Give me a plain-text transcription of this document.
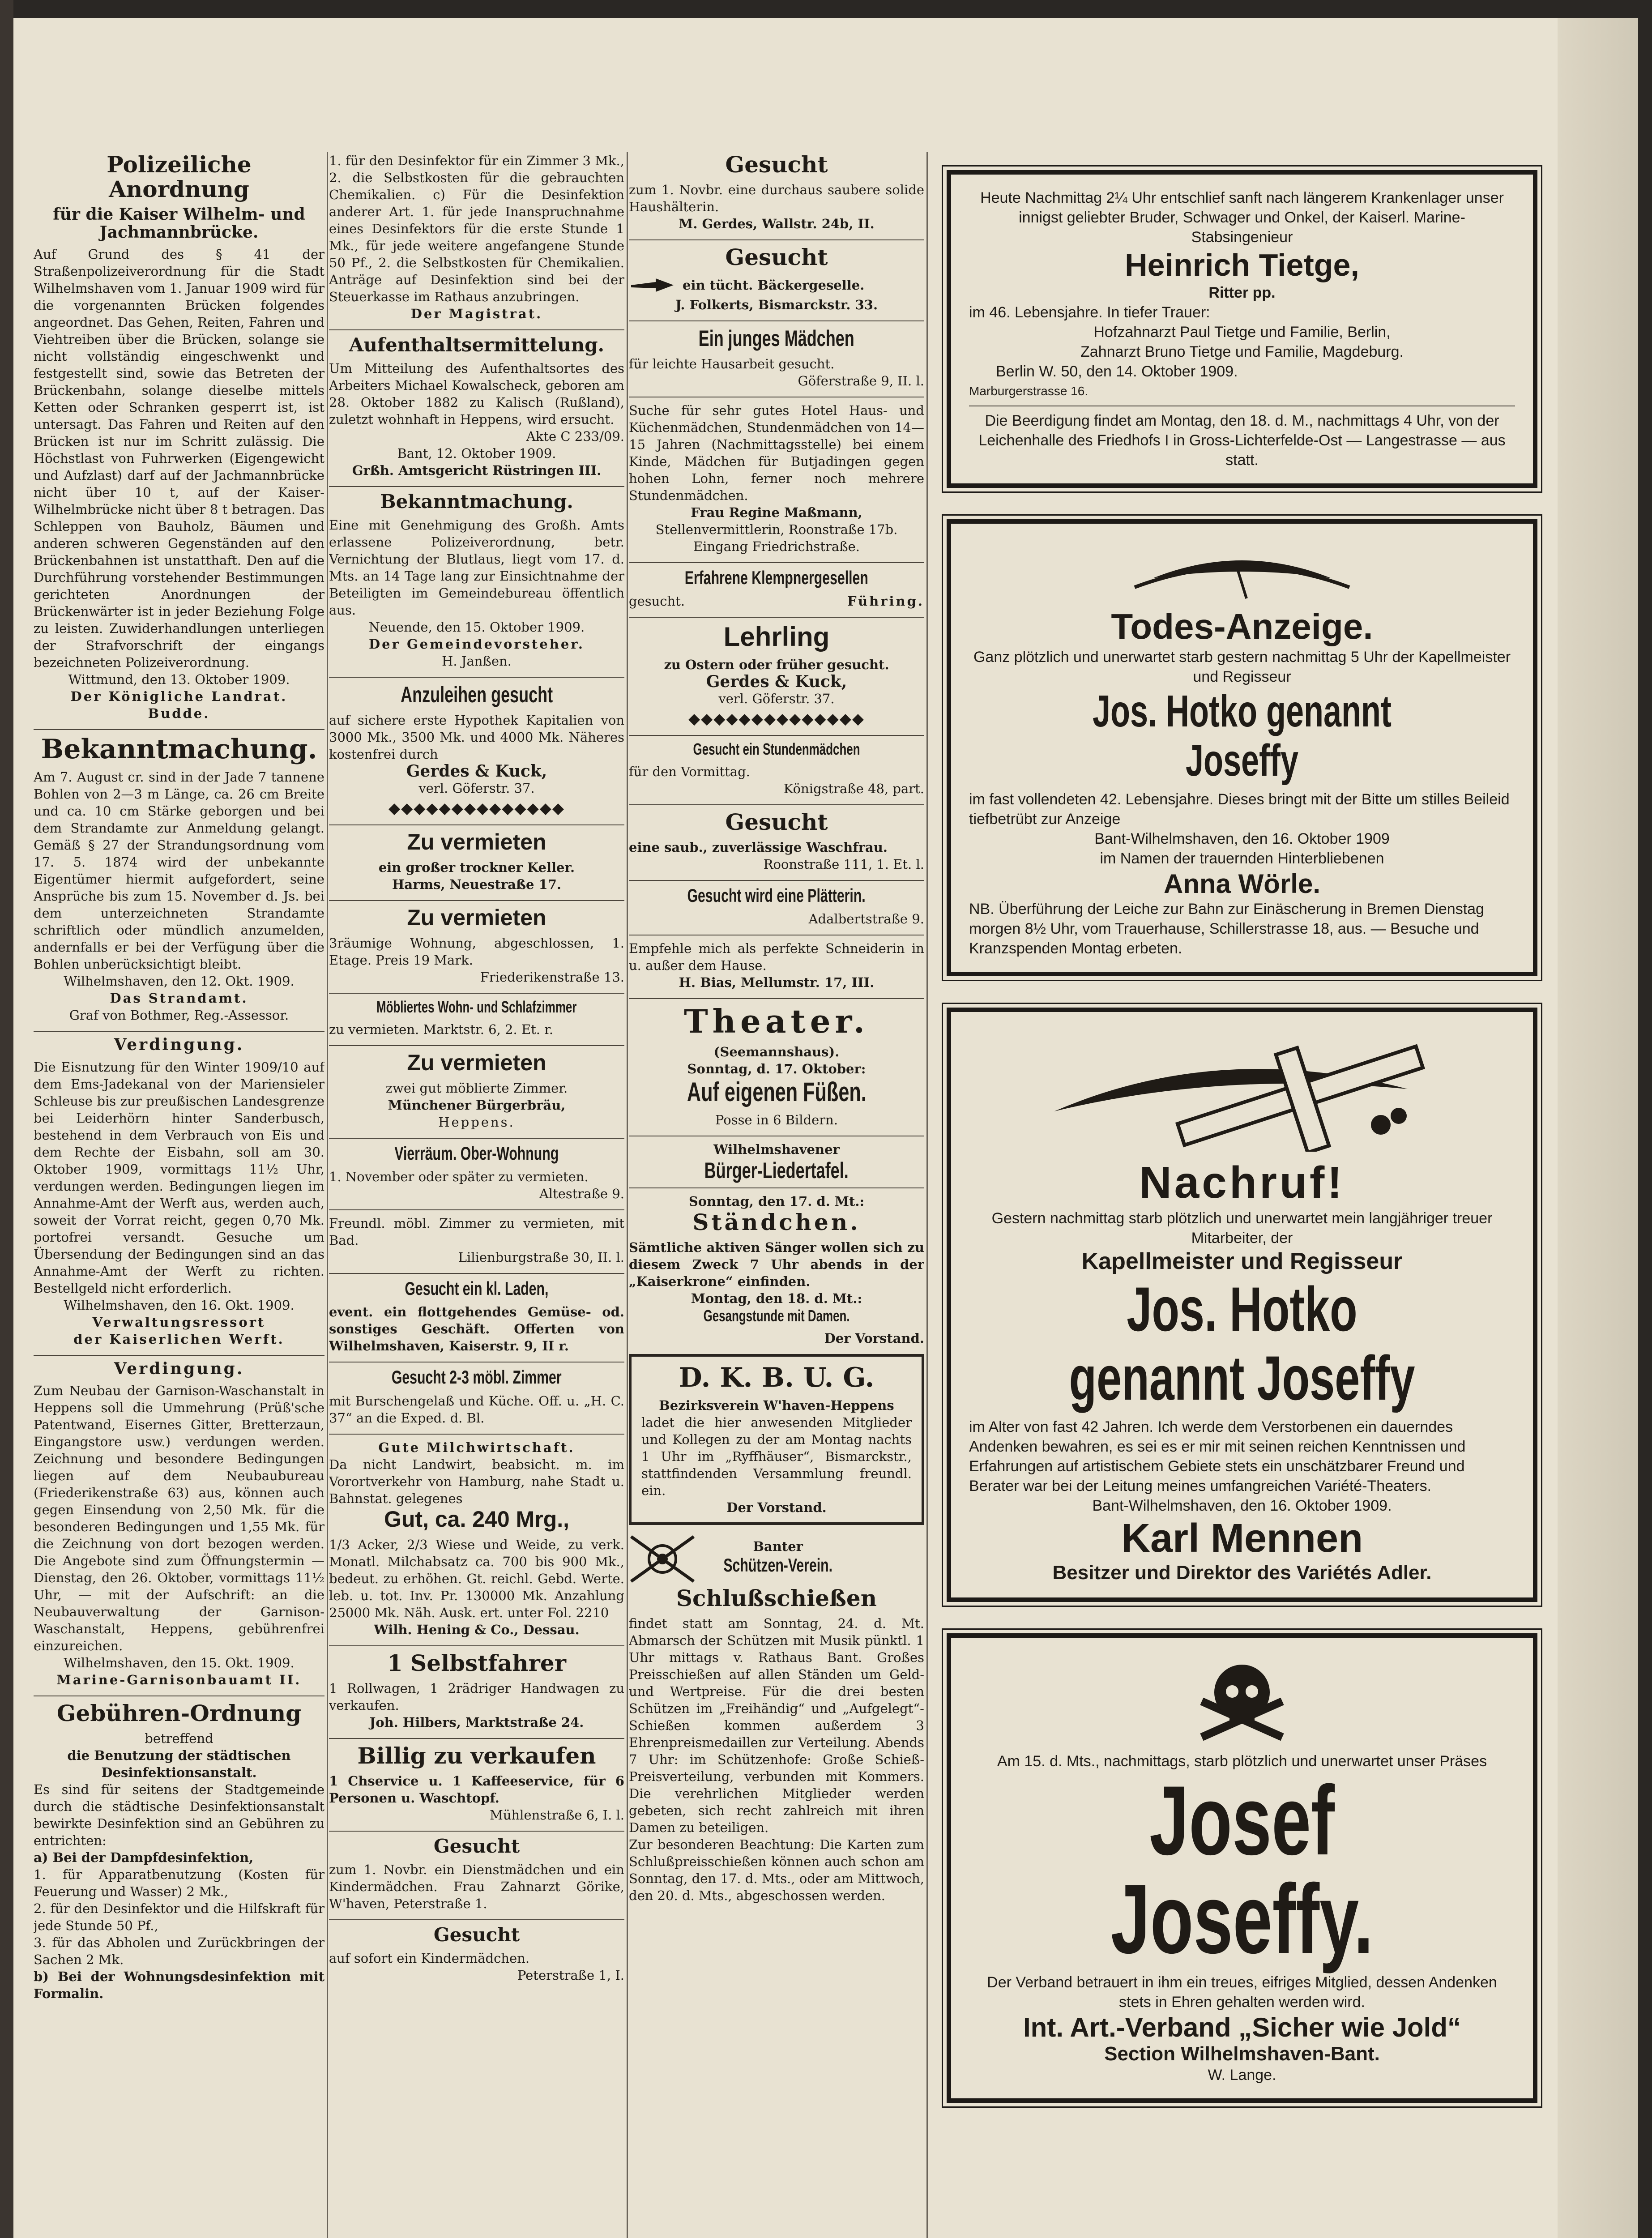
Polizeiliche Anordnung
für die Kaiser Wilhelm- und Jachmannbrücke.

Auf Grund des § 41 der Straßenpolizeiverordnung für die Stadt Wilhelmshaven vom 1. Januar 1909 wird für die vorgenannten Brücken folgendes angeordnet. Das Gehen, Reiten, Fahren und Viehtreiben über die Brücken, solange sie nicht vollständig eingeschwenkt und festgestellt sind, sowie das Betreten der Brückenbahn, solange dieselbe mittels Ketten oder Schranken gesperrt ist, ist untersagt. Das Fahren und Reiten auf den Brücken ist nur im Schritt zulässig. Die Höchstlast von Fuhrwerken (Eigengewicht und Aufzlast) darf auf der Jachmannbrücke nicht über 10 t, auf der Kaiser-Wilhelmbrücke nicht über 8 t betragen. Das Schleppen von Bauholz, Bäumen und anderen schweren Gegenständen auf den Brückenbahnen ist unstatthaft. Den auf die Durchführung vorstehender Bestimmungen gerichteten Anordnungen der Brückenwärter ist in jeder Beziehung Folge zu leisten. Zuwiderhandlungen unterliegen der Strafvorschrift der eingangs bezeichneten Polizeiverordnung.

Wittmund, den 13. Oktober 1909.

Der Königliche Landrat.

Budde.

Bekanntmachung.

Am 7. August cr. sind in der Jade 7 tannene Bohlen von 2—3 m Länge, ca. 26 cm Breite und ca. 10 cm Stärke geborgen und bei dem Strandamte zur Anmeldung gelangt. Gemäß § 27 der Strandungsordnung vom 17. 5. 1874 wird der unbekannte Eigentümer hiermit aufgefordert, seine Ansprüche bis zum 15. November d. Js. bei dem unterzeichneten Strandamte schriftlich oder mündlich anzumelden, andernfalls er bei der Verfügung über die Bohlen unberücksichtigt bleibt.

Wilhelmshaven, den 12. Okt. 1909.

Das Strandamt.

Graf von Bothmer, Reg.-Assessor.

Verdingung.

Die Eisnutzung für den Winter 1909/10 auf dem Ems-Jadekanal von der Mariensieler Schleuse bis zur preußischen Landesgrenze bei Leiderhörn hinter Sanderbusch, bestehend in dem Verbrauch von Eis und dem Rechte der Eisbahn, soll am 30. Oktober 1909, vormittags 11½ Uhr, verdungen werden. Bedingungen liegen im Annahme-Amt der Werft aus, werden auch, soweit der Vorrat reicht, gegen 0,70 Mk. portofrei versandt. Gesuche um Übersendung der Bedingungen sind an das Annahme-Amt der Werft zu richten. Bestellgeld nicht erforderlich.

Wilhelmshaven, den 16. Okt. 1909.

Verwaltungsressort

der Kaiserlichen Werft.

Verdingung.

Zum Neubau der Garnison-Waschanstalt in Heppens soll die Ummehrung (Prüß'sche Patentwand, Eisernes Gitter, Bretterzaun, Eingangstore usw.) verdungen werden. Zeichnung und besondere Bedingungen liegen auf dem Neubaubureau (Friederikenstraße 63) aus, können auch gegen Einsendung von 2,50 Mk. für die besonderen Bedingungen und 1,55 Mk. für die Zeichnung von dort bezogen werden. Die Angebote sind zum Öffnungstermin — Dienstag, den 26. Oktober, vormittags 11½ Uhr, — mit der Aufschrift: an die Neubauverwaltung der Garnison-Waschanstalt, Heppens, gebührenfrei einzureichen.

Wilhelmshaven, den 15. Okt. 1909.

Marine-Garnisonbauamt II.

Gebühren-Ordnung

betreffend

die Benutzung der städtischen Desinfektionsanstalt.

Es sind für seitens der Stadtgemeinde durch die städtische Desinfektionsanstalt bewirkte Desinfektion sind an Gebühren zu entrichten:

a) Bei der Dampfdesinfektion,

1. für Apparatbenutzung (Kosten für Feuerung und Wasser) 2 Mk.,

2. für den Desinfektor und die Hilfskraft für jede Stunde 50 Pf.,

3. für das Abholen und Zurückbringen der Sachen 2 Mk.

b) Bei der Wohnungsdesinfektion mit Formalin.

1. für den Desinfektor für ein Zimmer 3 Mk., 2. die Selbstkosten für die gebrauchten Chemikalien. c) Für die Desinfektion anderer Art. 1. für jede Inanspruchnahme eines Desinfektors für die erste Stunde 1 Mk., für jede weitere angefangene Stunde 50 Pf., 2. die Selbstkosten für Chemikalien. Anträge auf Desinfektion sind bei der Steuerkasse im Rathaus anzubringen.

Der Magistrat.

Aufenthaltsermittelung.

Um Mitteilung des Aufenthaltsortes des Arbeiters Michael Kowalscheck, geboren am 28. Oktober 1882 zu Kalisch (Rußland), zuletzt wohnhaft in Heppens, wird ersucht.

Akte C 233/09.

Bant, 12. Oktober 1909.

Grßh. Amtsgericht Rüstringen III.

Bekanntmachung.

Eine mit Genehmigung des Großh. Amts erlassene Polizeiverordnung, betr. Vernichtung der Blutlaus, liegt vom 17. d. Mts. an 14 Tage lang zur Einsichtnahme der Beteiligten im Gemeindebureau öffentlich aus.

Neuende, den 15. Oktober 1909.

Der Gemeindevorsteher.

H. Janßen.

Anzuleihen gesucht

auf sichere erste Hypothek Kapitalien von 3000 Mk., 3500 Mk. und 4000 Mk. Näheres kostenfrei durch

Gerdes & Kuck,

verl. Göferstr. 37.

◆◆◆◆◆◆◆◆◆◆◆◆◆◆
Zu vermieten

ein großer trockner Keller.

Harms, Neuestraße 17.

Zu vermieten

3räumige Wohnung, abgeschlossen, 1. Etage. Preis 19 Mark.

Friederikenstraße 13.

Möbliertes Wohn- und Schlafzimmer

zu vermieten. Marktstr. 6, 2. Et. r.

Zu vermieten

zwei gut möblierte Zimmer.

Münchener Bürgerbräu,

Heppens.

Vierräum. Ober-Wohnung

1. November oder später zu vermieten.

Altestraße 9.

Freundl. möbl. Zimmer zu vermieten, mit Bad.

Lilienburgstraße 30, II. l.

Gesucht ein kl. Laden,

event. ein flottgehendes Gemüse- od. sonstiges Geschäft. Offerten von Wilhelmshaven, Kaiserstr. 9, II r.

Gesucht 2-3 möbl. Zimmer

mit Burschengelaß und Küche. Off. u. „H. C. 37“ an die Exped. d. Bl.

Gute Milchwirtschaft.

Da nicht Landwirt, beabsicht. m. im Vorortverkehr von Hamburg, nahe Stadt u. Bahnstat. gelegenes

Gut, ca. 240 Mrg.,

1/3 Acker, 2/3 Wiese und Weide, zu verk. Monatl. Milchabsatz ca. 700 bis 900 Mk., bedeut. zu erhöhen. Gt. reichl. Gebd. Werte. leb. u. tot. Inv. Pr. 130000 Mk. Anzahlung 25000 Mk. Näh. Ausk. ert. unter Fol. 2210

Wilh. Hening & Co., Dessau.

1 Selbstfahrer

1 Rollwagen, 1 2rädriger Handwagen zu verkaufen.

Joh. Hilbers, Marktstraße 24.

Billig zu verkaufen

1 Chservice u. 1 Kaffeeservice, für 6 Personen u. Waschtopf.

Mühlenstraße 6, I. l.

Gesucht

zum 1. Novbr. ein Dienstmädchen und ein Kindermädchen. Frau Zahnarzt Görike, W'haven, Peterstraße 1.

Gesucht

auf sofort ein Kindermädchen.

Peterstraße 1, I.

Gesucht

zum 1. Novbr. eine durchaus saubere solide Haushälterin.

M. Gerdes, Wallstr. 24b, II.

Gesucht

ein tücht. Bäckergeselle.

J. Folkerts, Bismarckstr. 33.

Ein junges Mädchen

für leichte Hausarbeit gesucht.

Göferstraße 9, II. l.

Suche für sehr gutes Hotel Haus- und Küchenmädchen, Stundenmädchen von 14—15 Jahren (Nachmittagsstelle) bei einem Kinde, Mädchen für Butjadingen gegen hohen Lohn, ferner noch mehrere Stundenmädchen.

Frau Regine Maßmann,

Stellenvermittlerin, Roonstraße 17b. Eingang Friedrichstraße.

Erfahrene Klempnergesellen

gesucht.	Führing.

Lehrling

zu Ostern oder früher gesucht.

Gerdes & Kuck,

verl. Göferstr. 37.

◆◆◆◆◆◆◆◆◆◆◆◆◆◆
Gesucht ein Stundenmädchen

für den Vormittag.

Königstraße 48, part.

Gesucht

eine saub., zuverlässige Waschfrau.

Roonstraße 111, 1. Et. l.

Gesucht wird eine Plätterin.

Adalbertstraße 9.

Empfehle mich als perfekte Schneiderin in u. außer dem Hause.

H. Bias, Mellumstr. 17, III.

Theater.

(Seemannshaus).

Sonntag, d. 17. Oktober:

Auf eigenen Füßen.

Posse in 6 Bildern.

Wilhelmshavener

Bürger-Liedertafel.

Sonntag, den 17. d. Mt.:

Ständchen.

Sämtliche aktiven Sänger wollen sich zu diesem Zweck 7 Uhr abends in der „Kaiserkrone“ einfinden.

Montag, den 18. d. Mt.:

Gesangstunde mit Damen.

Der Vorstand.

D. K. B. U. G.

Bezirksverein W'haven-Heppens

ladet die hier anwesenden Mitglieder und Kollegen zu der am Montag nachts 1 Uhr im „Ryffhäuser“, Bismarckstr., stattfindenden Versammlung freundl. ein.

Der Vorstand.

Banter

Schützen-Verein.
Schlußschießen

findet statt am Sonntag, 24. d. Mt. Abmarsch der Schützen mit Musik pünktl. 1 Uhr mittags v. Rathaus Bant. Großes Preisschießen auf allen Ständen um Geld- und Wertpreise. Für die drei besten Schützen im „Freihändig“ und „Aufgelegt“-Schießen kommen außerdem 3 Ehrenpreismedaillen zur Verteilung. Abends 7 Uhr: im Schützenhofe: Große Schieß-Preisverteilung, verbunden mit Kommers. Die verehrlichen Mitglieder werden gebeten, sich recht zahlreich mit ihren Damen zu beteiligen.

Zur besonderen Beachtung: Die Karten zum Schlußpreisschießen können auch schon am Sonntag, den 17. d. Mts., oder am Mittwoch, den 20. d. Mts., abgeschossen werden.

Heute Nachmittag 2¼ Uhr entschlief sanft nach längerem Krankenlager unser innigst geliebter Bruder, Schwager und Onkel, der Kaiserl. Marine-Stabsingenieur

Heinrich Tietge,

Ritter pp.

im 46. Lebensjahre. In tiefer Trauer:

Hofzahnarzt Paul Tietge und Familie, Berlin,

Zahnarzt Bruno Tietge und Familie, Magdeburg.

Berlin W. 50, den 14. Oktober 1909.

Marburgerstrasse 16.

Die Beerdigung findet am Montag, den 18. d. M., nachmittags 4 Uhr, von der Leichenhalle des Friedhofs I in Gross-Lichterfelde-Ost — Langestrasse — aus statt.

Todes-Anzeige.

Ganz plötzlich und unerwartet starb gestern nachmittag 5 Uhr der Kapellmeister und Regisseur

Jos. Hotko genannt Joseffy

im fast vollendeten 42. Lebensjahre. Dieses bringt mit der Bitte um stilles Beileid tiefbetrübt zur Anzeige

Bant-Wilhelmshaven, den 16. Oktober 1909

im Namen der trauernden Hinterbliebenen

Anna Wörle.

NB. Überführung der Leiche zur Bahn zur Einäscherung in Bremen Dienstag morgen 8½ Uhr, vom Trauerhause, Schillerstrasse 18, aus. — Besuche und Kranzspenden Montag erbeten.

Nachruf!

Gestern nachmittag starb plötzlich und unerwartet mein langjähriger treuer Mitarbeiter, der

Kapellmeister und Regisseur
Jos. Hotko genannt Joseffy

im Alter von fast 42 Jahren. Ich werde dem Verstorbenen ein dauerndes Andenken bewahren, es sei es er mir mit seinen reichen Kenntnissen und Erfahrungen auf artistischem Gebiete stets ein unschätzbarer Freund und Berater war bei der Leitung meines umfangreichen Variété-Theaters.

Bant-Wilhelmshaven, den 16. Oktober 1909.

Karl Mennen
Besitzer und Direktor des Variétés Adler.

Am 15. d. Mts., nachmittags, starb plötzlich und unerwartet unser Präses

Josef Joseffy.

Der Verband betrauert in ihm ein treues, eifriges Mitglied, dessen Andenken stets in Ehren gehalten werden wird.

Int. Art.-Verband „Sicher wie Jold“
Section Wilhelmshaven-Bant.

W. Lange.
